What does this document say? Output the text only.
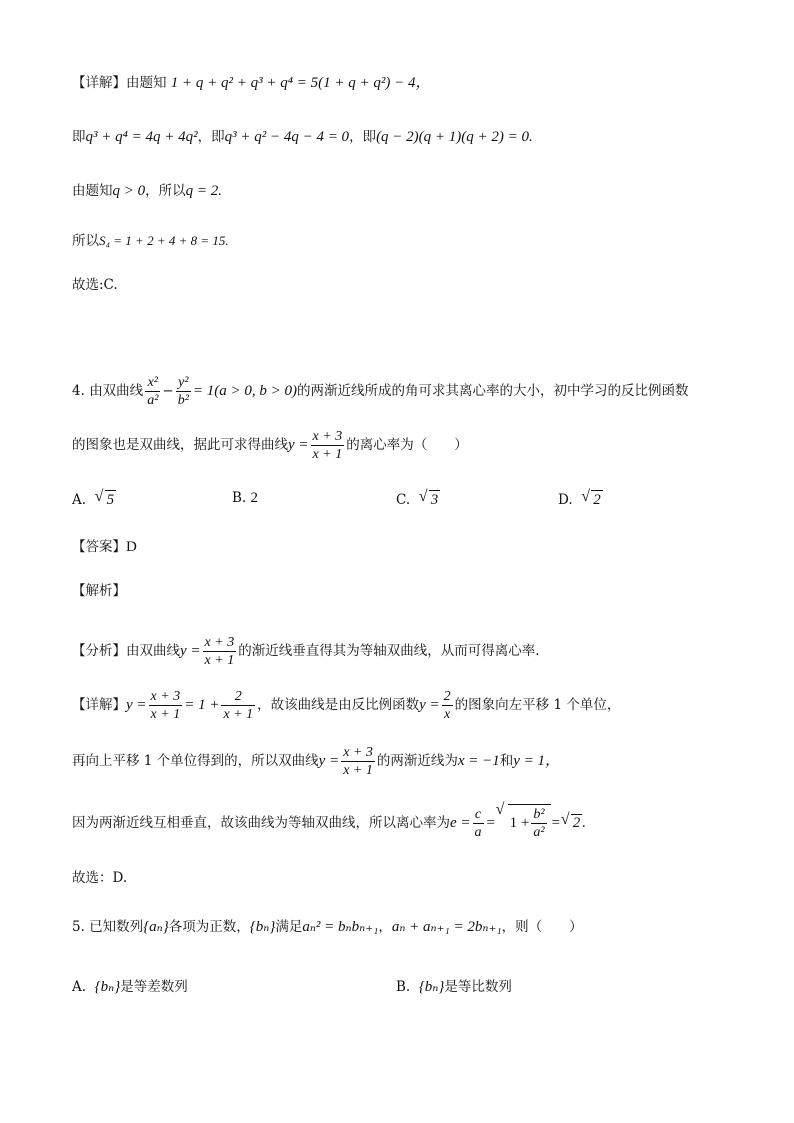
【详解】由题知 1 + q + q² + q³ + q⁴ = 5(1 + q + q²) − 4，
即q³ + q⁴ = 4q + 4q²，即q³ + q² − 4q − 4 = 0，即(q − 2)(q + 1)(q + 2) = 0.
由题知q > 0，所以q = 2.
所以S₄ = 1 + 2 + 4 + 8 = 15.
故选:C.
4. 由双曲线 $\frac{\text{x²}}{\text{a²}} - \frac{\text{y²}}{\text{b²}} = 1(a > 0$, b > 0)的两渐近线所成的角可求其离心率的大小，初中学习的反比例函数
的图象也是双曲线，据此可求得曲线$y = \frac{x + 3}{x + 1}$ 的离心率为（　　）
A. √ 5	B. 2	C. √ 3	D. √ 2
【答案】D
【解析】
【分析】由双曲线$y = \frac{x + 3}{x + 1}$ 的渐近线垂直得其为等轴双曲线，从而可得离心率.
【详解】$y = \frac{x + 3}{x + 1} = 1 + \frac{2}{x + 1}$ ，故该曲线是由反比例函数$y = \frac{2}{x}$ 的图象向左平移 1 个单位，
再向上平移 1 个单位得到的，所以双曲线$y = \frac{x + 3}{x + 1}$ 的两渐近线为x = −1和y = 1，
因为两渐近线互相垂直，故该曲线为等轴双曲线，所以离心率为$e = \frac{c}{a}$ = √ $1 + \frac{\text{b²}}{\text{a²}}$ = √ 2 .
故选：D.
5. 已知数列{aₙ}各项为正数，{bₙ}满足aₙ² = bₙbₙ₊₁，aₙ + aₙ₊₁ = 2bₙ₊₁，则（　　）
A. {bₙ}是等差数列	B. {bₙ}是等比数列
